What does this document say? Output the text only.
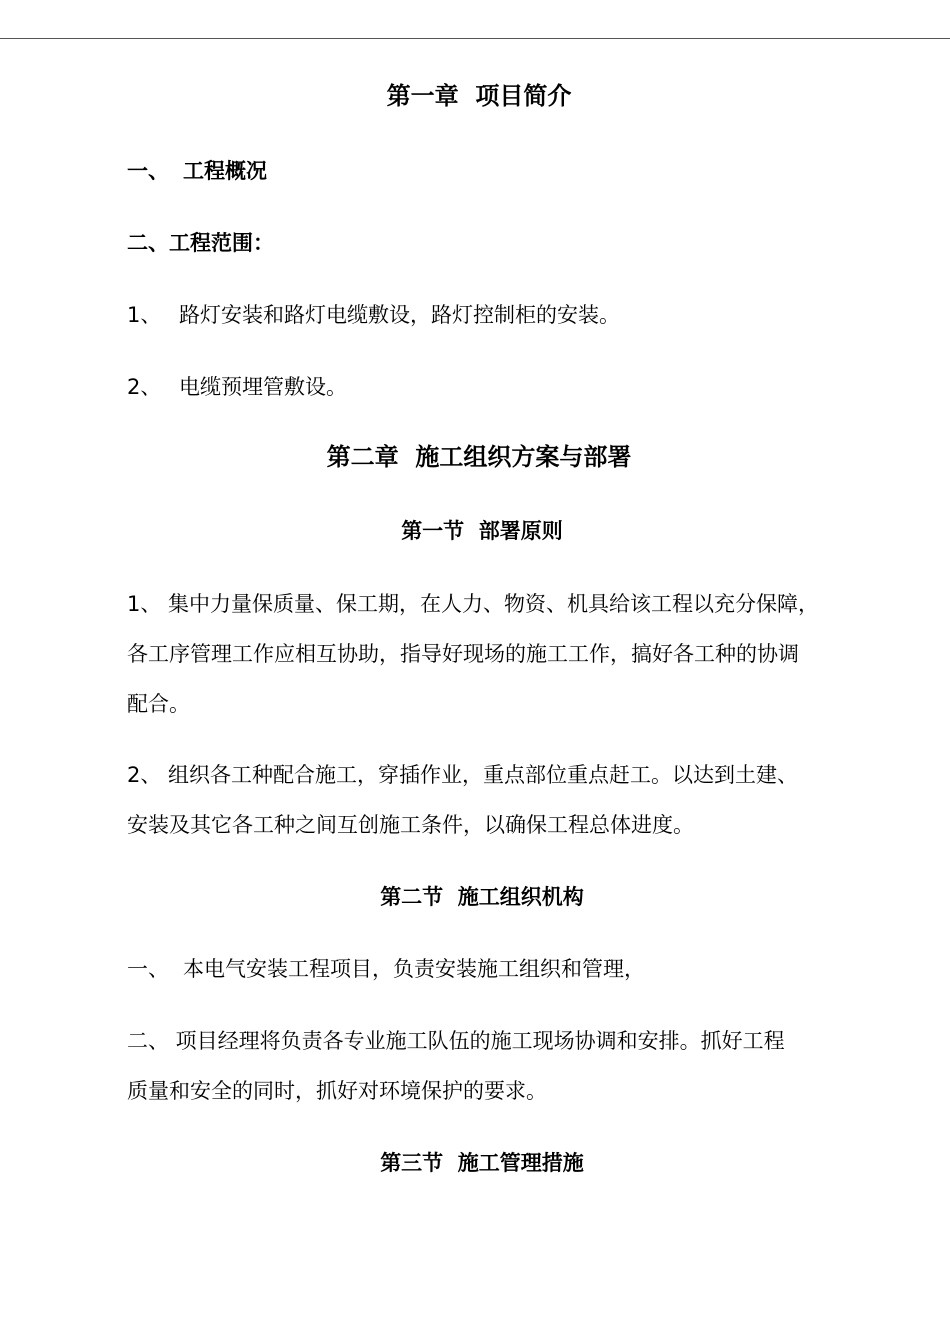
第一章  项目简介
一、 工程概况
二、工程范围：
1、 路灯安装和路灯电缆敷设，路灯控制柜的安装。
2、 电缆预埋管敷设。
第二章  施工组织方案与部署
第一节  部署原则
1、 集中力量保质量、保工期，在人力、物资、机具给该工程以充分保障，
各工序管理工作应相互协助，指导好现场的施工工作，搞好各工种的协调
配合。
2、 组织各工种配合施工，穿插作业，重点部位重点赶工。以达到土建、
安装及其它各工种之间互创施工条件，以确保工程总体进度。
第二节  施工组织机构
一、 本电气安装工程项目，负责安装施工组织和管理，
二、 项目经理将负责各专业施工队伍的施工现场协调和安排。抓好工程
质量和安全的同时，抓好对环境保护的要求。
第三节  施工管理措施
